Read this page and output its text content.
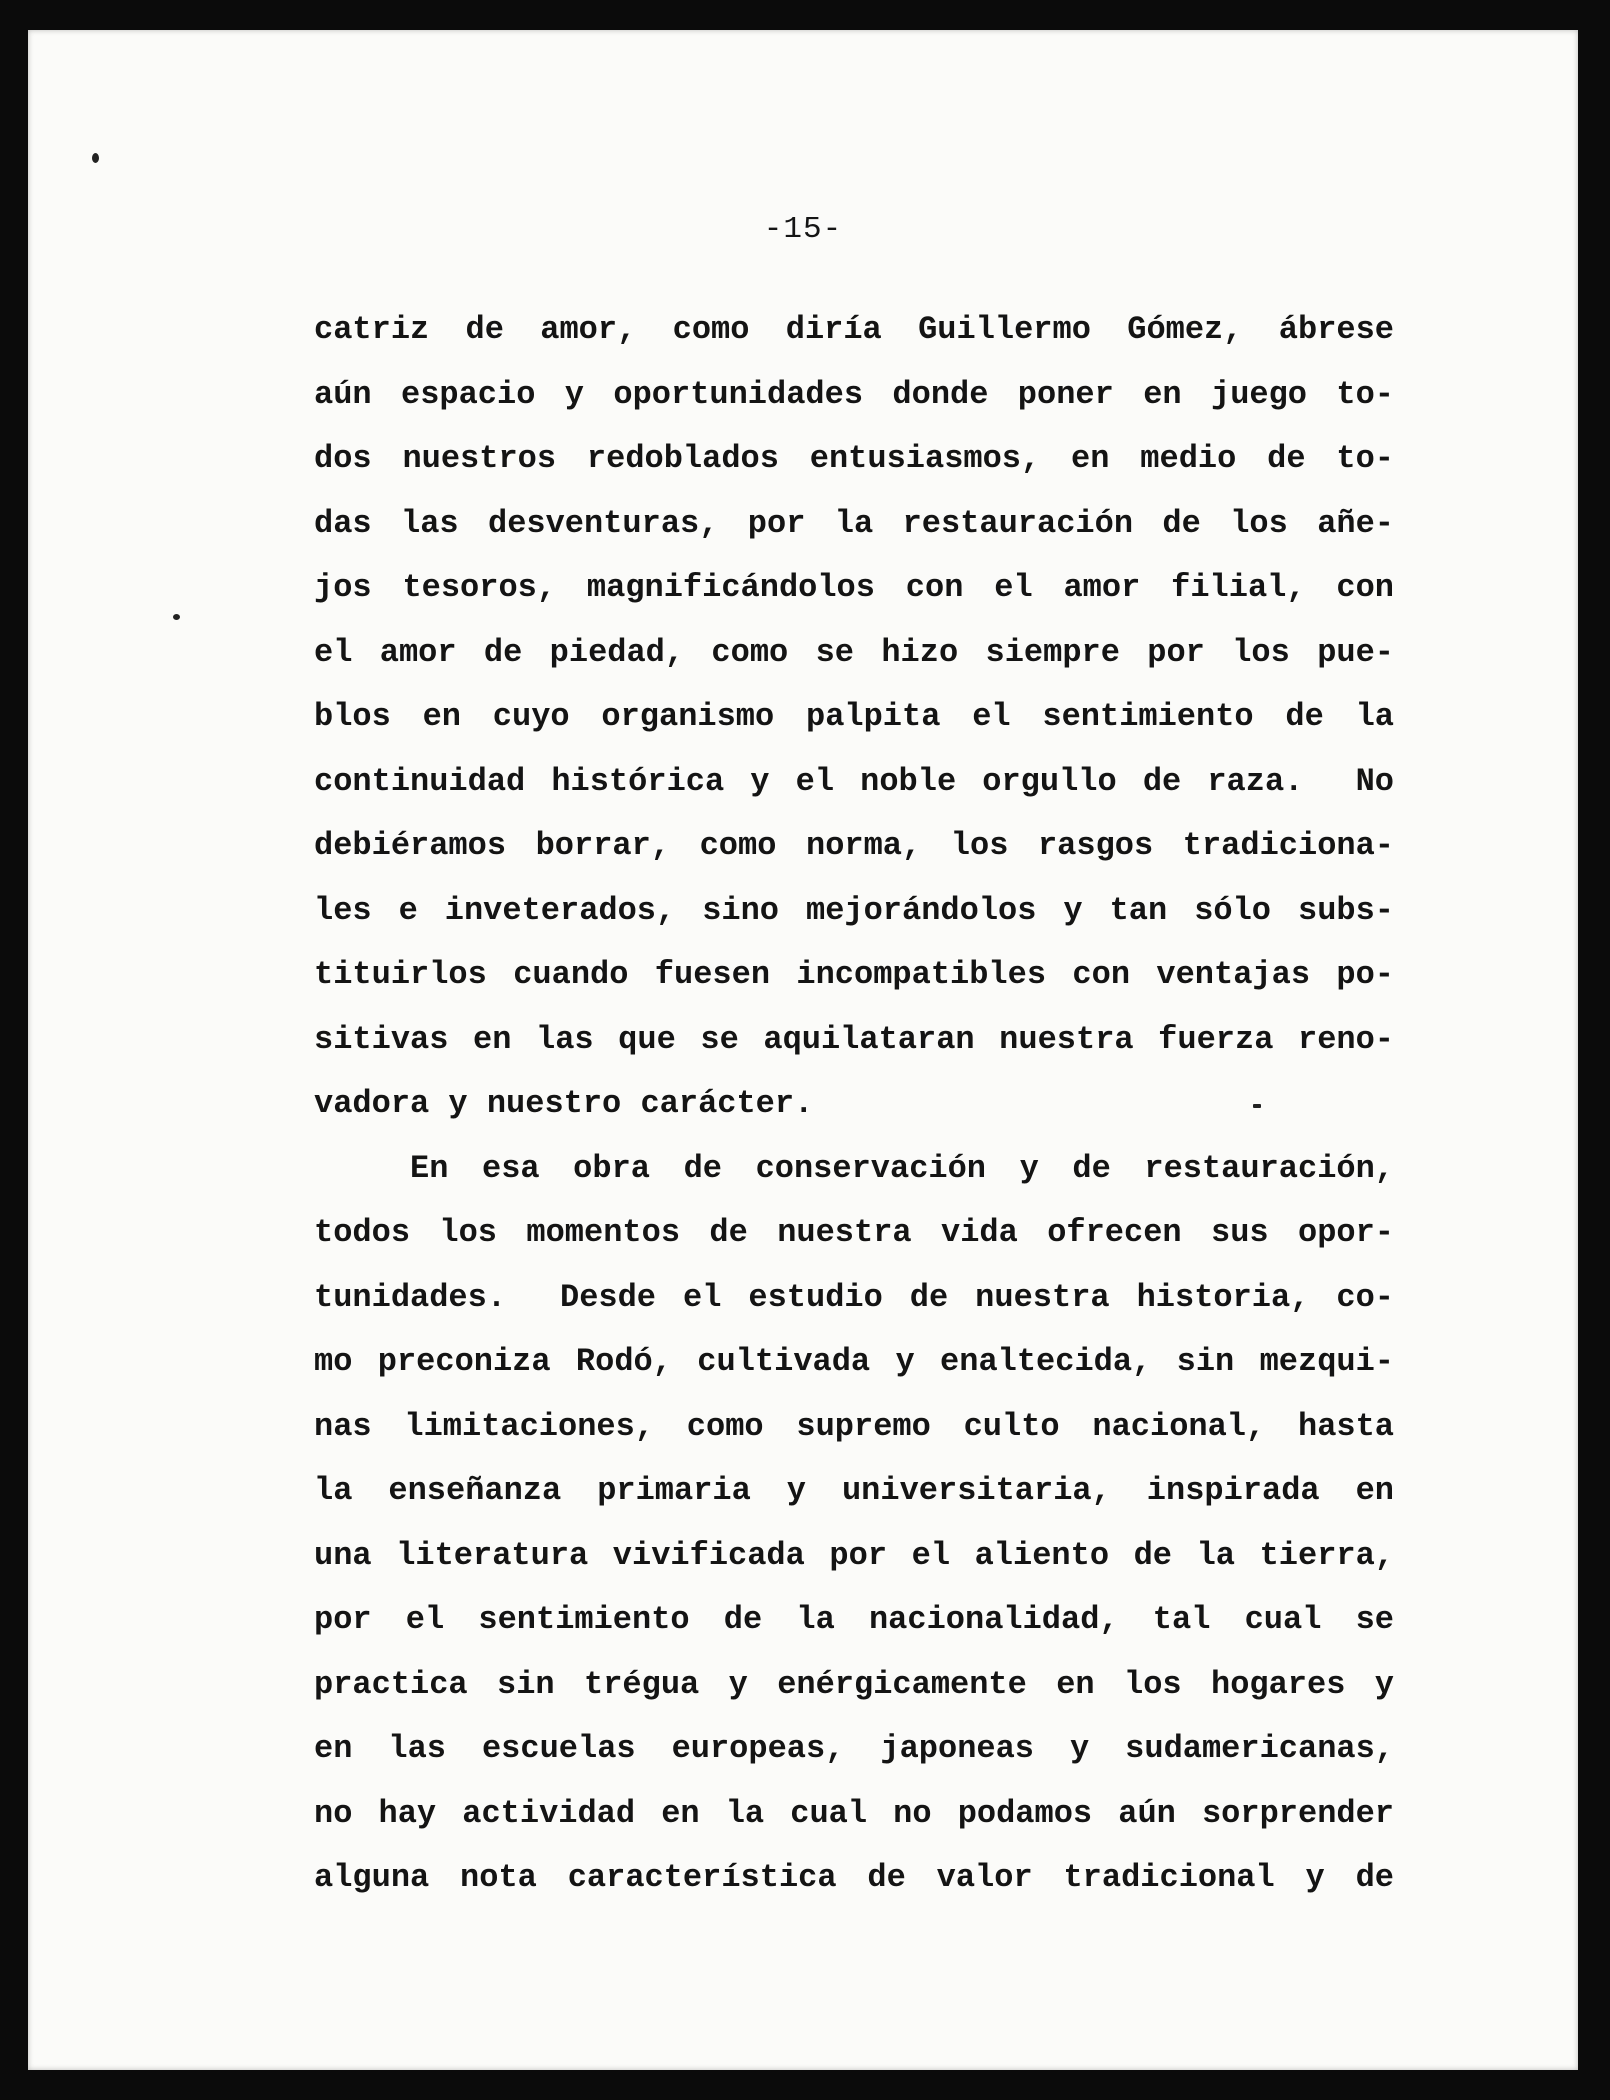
-15-
catriz de amor, como diría Guillermo Gómez, ábrese
aún espacio y oportunidades donde poner en juego to-
dos nuestros redoblados entusiasmos, en medio de to-
das las desventuras, por la restauración de los añe-
jos tesoros, magnificándolos con el amor filial, con
el amor de piedad, como se hizo siempre por los pue-
blos en cuyo organismo palpita el sentimiento de la
continuidad histórica y el noble orgullo de raza.  No
debiéramos borrar, como norma, los rasgos tradiciona-
les e inveterados, sino mejorándolos y tan sólo subs-
tituirlos cuando fuesen incompatibles con ventajas po-
sitivas en las que se aquilataran nuestra fuerza reno-
vadora y nuestro carácter.
En esa obra de conservación y de restauración,
todos los momentos de nuestra vida ofrecen sus opor-
tunidades.  Desde el estudio de nuestra historia, co-
mo preconiza Rodó, cultivada y enaltecida, sin mezqui-
nas limitaciones, como supremo culto nacional, hasta
la enseñanza primaria y universitaria, inspirada en
una literatura vivificada por el aliento de la tierra,
por el sentimiento de la nacionalidad, tal cual se
practica sin trégua y enérgicamente en los hogares y
en las escuelas europeas, japoneas y sudamericanas,
no hay actividad en la cual no podamos aún sorprender
alguna nota característica de valor tradicional y de
